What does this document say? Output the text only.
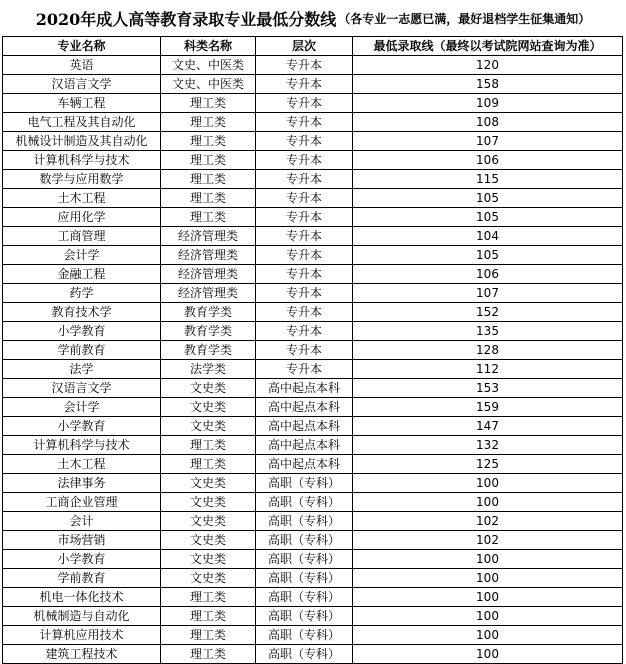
2020年成人高等教育录取专业最低分数线 （各专业一志愿已满，最好退档学生征集通知）
专业名称	科类名称	层次	最低录取线（最终以考试院网站查询为准）
英语	文史、中医类	专升本	120
汉语言文学	文史、中医类	专升本	158
车辆工程	理工类	专升本	109
电气工程及其自动化	理工类	专升本	108
机械设计制造及其自动化	理工类	专升本	107
计算机科学与技术	理工类	专升本	106
数学与应用数学	理工类	专升本	115
土木工程	理工类	专升本	105
应用化学	理工类	专升本	105
工商管理	经济管理类	专升本	104
会计学	经济管理类	专升本	105
金融工程	经济管理类	专升本	106
药学	经济管理类	专升本	107
教育技术学	教育学类	专升本	152
小学教育	教育学类	专升本	135
学前教育	教育学类	专升本	128
法学	法学类	专升本	112
汉语言文学	文史类	高中起点本科	153
会计学	文史类	高中起点本科	159
小学教育	文史类	高中起点本科	147
计算机科学与技术	理工类	高中起点本科	132
土木工程	理工类	高中起点本科	125
法律事务	文史类	高职（专科）	100
工商企业管理	文史类	高职（专科）	100
会计	文史类	高职（专科）	102
市场营销	文史类	高职（专科）	102
小学教育	文史类	高职（专科）	100
学前教育	文史类	高职（专科）	100
机电一体化技术	理工类	高职（专科）	100
机械制造与自动化	理工类	高职（专科）	100
计算机应用技术	理工类	高职（专科）	100
建筑工程技术	理工类	高职（专科）	100
